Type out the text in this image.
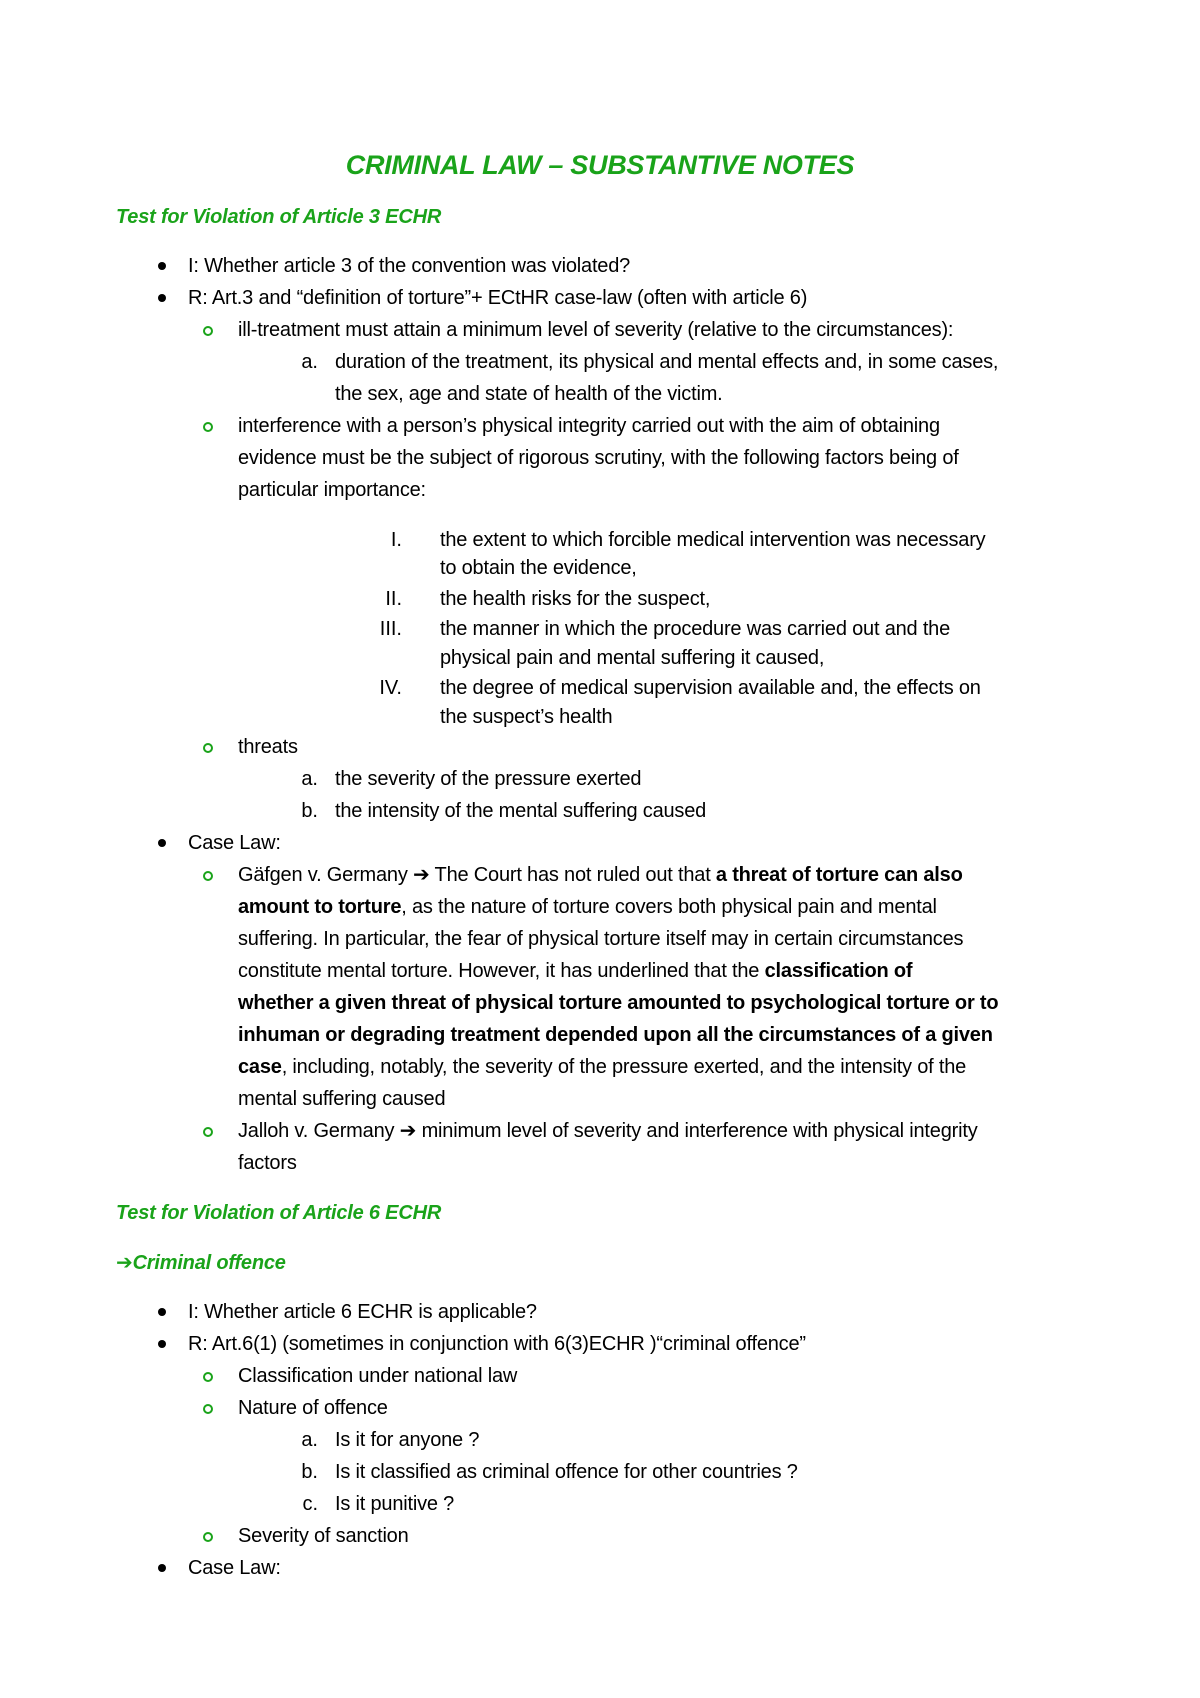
CRIMINAL LAW – SUBSTANTIVE NOTES
Test for Violation of Article 3 ECHR
I: Whether article 3 of the convention was violated?
R: Art.3 and “definition of torture”+ ECtHR case-law (often with article 6)
ill-treatment must attain a minimum level of severity (relative to the circumstances):
a. duration of the treatment, its physical and mental effects and, in some cases,
the sex, age and state of health of the victim.
interference with a person’s physical integrity carried out with the aim of obtaining
evidence must be the subject of rigorous scrutiny, with the following factors being of
particular importance:
I. the extent to which forcible medical intervention was necessary
to obtain the evidence,
II. the health risks for the suspect,
III. the manner in which the procedure was carried out and the
physical pain and mental suffering it caused,
IV. the degree of medical supervision available and, the effects on
the suspect’s health
threats
a. the severity of the pressure exerted
b. the intensity of the mental suffering caused
Case Law:
Gäfgen v. Germany ➔ The Court has not ruled out that a threat of torture can also
amount to torture, as the nature of torture covers both physical pain and mental
suffering. In particular, the fear of physical torture itself may in certain circumstances
constitute mental torture. However, it has underlined that the classification of
whether a given threat of physical torture amounted to psychological torture or to
inhuman or degrading treatment depended upon all the circumstances of a given
case, including, notably, the severity of the pressure exerted, and the intensity of the
mental suffering caused
Jalloh v. Germany ➔ minimum level of severity and interference with physical integrity
factors
Test for Violation of Article 6 ECHR
➔Criminal offence
I: Whether article 6 ECHR is applicable?
R: Art.6(1) (sometimes in conjunction with 6(3)ECHR )“criminal offence”
Classification under national law
Nature of offence
a. Is it for anyone ?
b. Is it classified as criminal offence for other countries ?
c. Is it punitive ?
Severity of sanction
Case Law:
